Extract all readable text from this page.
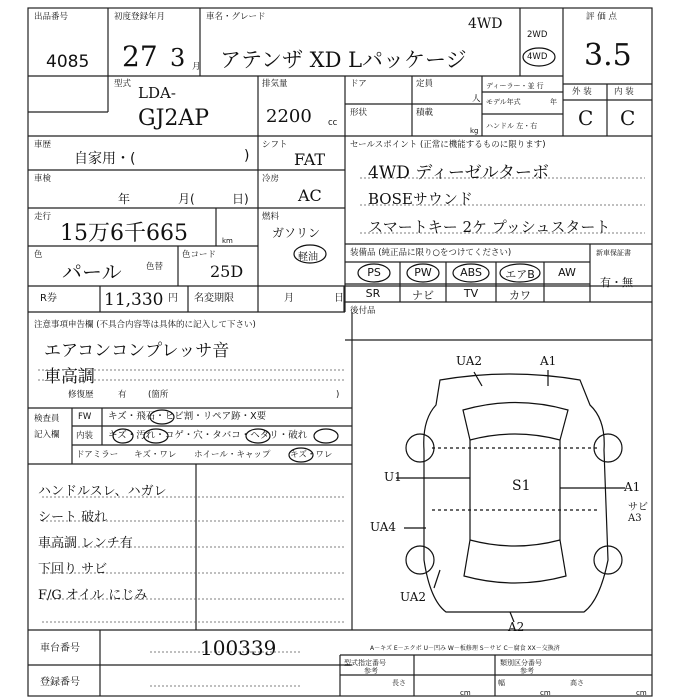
出品番号
4085
初度登録年月
27 3 月
車名・グレード
アテンザ XD Lパッケージ
4WD
2WD
4WD
評 価 点
3.5
外 装	内 装
C C
型式 LDA-
GJ2AP
排気量
2200 cc
ドア	定員
人
ディーラー・並 行
モデル年式	年
形状	積載
kg
ハンドル 左・右
車歴
自家用・(	)
シフト
FAT
セールスポイント (正常に機能するものに限ります)
車検
年	月(	日)
冷房
AC
走行
15万6千665	km
燃料
ガソリン
軽油
色
パール	色替
色コード
25D
R券	11,330 円 名変期限	月	日
4WD ディーゼルターボ
BOSEサウンド
スマートキー 2ケ プッシュスタート
装備品 (純正品に限り○をつけてください)
PS	PW	ABS	エアB	AW
SR	ナビ	TV	カワ
新車保証書
有・無
後付品
注意事項申告欄 (不具合内容等は具体的に記入して下さい)
エアコンコンプレッサ音
車高調
修復歴	有	(箇所	)
検査員
記入欄
FW キズ・飛石・ヒビ割・リペア跡・X要
内装 キズ・汚れ・コゲ・穴・タバコ・ヘタリ・破れ
ドアミラー キズ・ワレ ホイール・キャップ キズ・ワレ
ハンドルスレ、ハガレ
シート 破れ
車高調 レンチ有
下回り サビ
F/G オイル にじみ
UA2	A1
U1
S1	A1
サビ A3
UA4
UA2
A2
A－キズ E－エクボ U－凹み W－板修理 S－サビ C－腐食 XX－交換済
車台番号	100339
登録番号
型式指定番号
参考
類別区分番号
参考
長さ
cm
幅
cm
高さ
cm
